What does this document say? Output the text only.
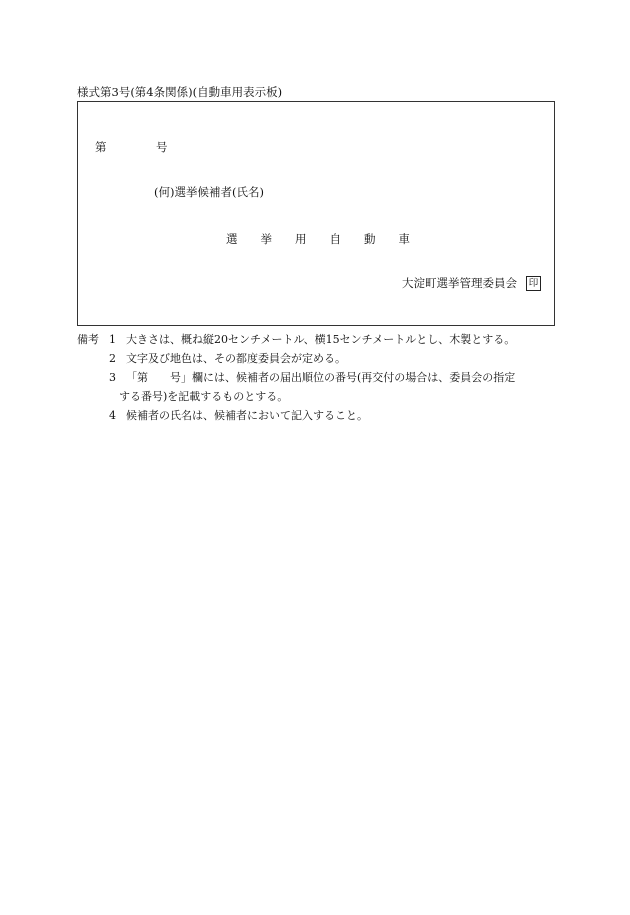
様式第3号(第4条関係)(自動車用表示板)
第	号
(何)選挙候補者(氏名)
選 挙 用 自 動 車
大淀町選挙管理委員会 印
備考 1 大きさは、概ね縦20センチメートル、横15センチメートルとし、木製とする。
2 文字及び地色は、その都度委員会が定める。
3 「第　　号」欄には、候補者の届出順位の番号(再交付の場合は、委員会の指定
する番号)を記載するものとする。
4 候補者の氏名は、候補者において記入すること。
